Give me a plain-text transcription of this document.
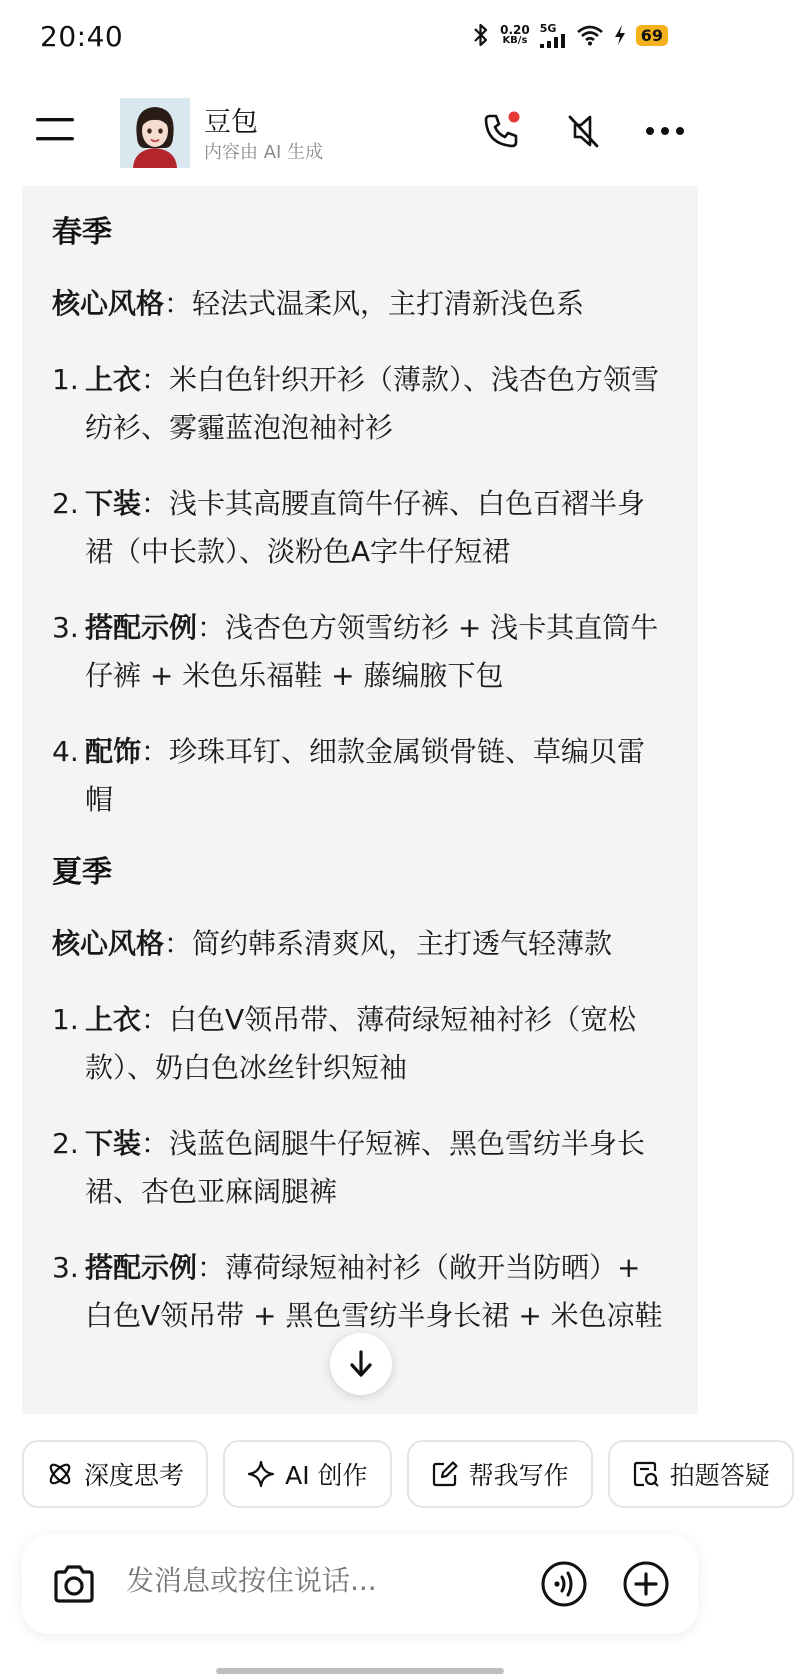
20:40	0.20
KB/s
5G	69
豆包
内容由 AI 生成
春季
核心风格：轻法式温柔风，主打清新浅色系
1. 上衣：米白色针织开衫（薄款）、浅杏色方领雪纺衫、雾霾蓝泡泡袖衬衫
2. 下装：浅卡其高腰直筒牛仔裤、白色百褶半身裙（中长款）、淡粉色A字牛仔短裙
3. 搭配示例：浅杏色方领雪纺衫 + 浅卡其直筒牛仔裤 + 米色乐福鞋 + 藤编腋下包
4. 配饰：珍珠耳钉、细款金属锁骨链、草编贝雷帽
夏季
核心风格：简约韩系清爽风，主打透气轻薄款
1. 上衣：白色V领吊带、薄荷绿短袖衬衫（宽松款）、奶白色冰丝针织短袖
2. 下装：浅蓝色阔腿牛仔短裤、黑色雪纺半身长裙、杏色亚麻阔腿裤
3. 搭配示例：薄荷绿短袖衬衫（敞开当防晒）+ 白色V领吊带 + 黑色雪纺半身长裙 + 米色凉鞋
深度思考
	AI 创作
	帮我写作
	拍题答疑
发消息或按住说话...
